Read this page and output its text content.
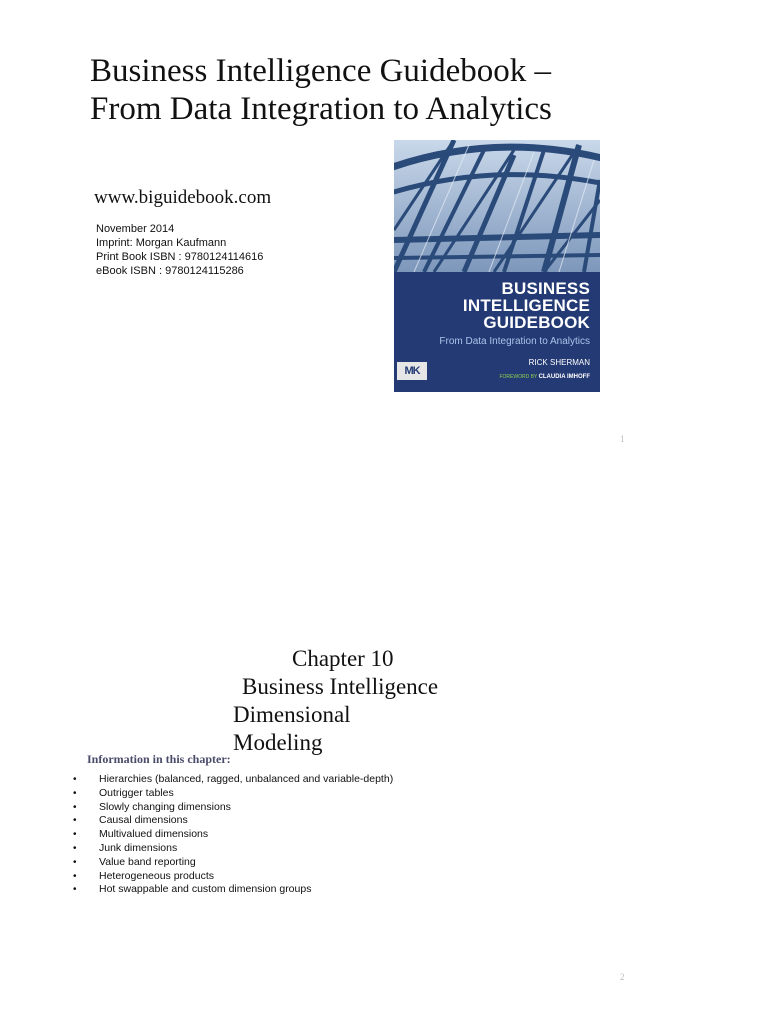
Business Intelligence Guidebook –
From Data Integration to Analytics
www.biguidebook.com
November 2014
Imprint: Morgan Kaufmann
Print Book ISBN : 9780124114616
eBook ISBN : 9780124115286
BUSINESS
INTELLIGENCE
GUIDEBOOK
From Data Integration to Analytics
RICK SHERMAN
FOREWORD BY CLAUDIA IMHOFF
MK
1
Chapter 10
Business Intelligence
Dimensional
Modeling
Information in this chapter:
• Hierarchies (balanced, ragged, unbalanced and variable-depth)
• Outrigger tables
• Slowly changing dimensions
• Causal dimensions
• Multivalued dimensions
• Junk dimensions
• Value band reporting
• Heterogeneous products
• Hot swappable and custom dimension groups
2
